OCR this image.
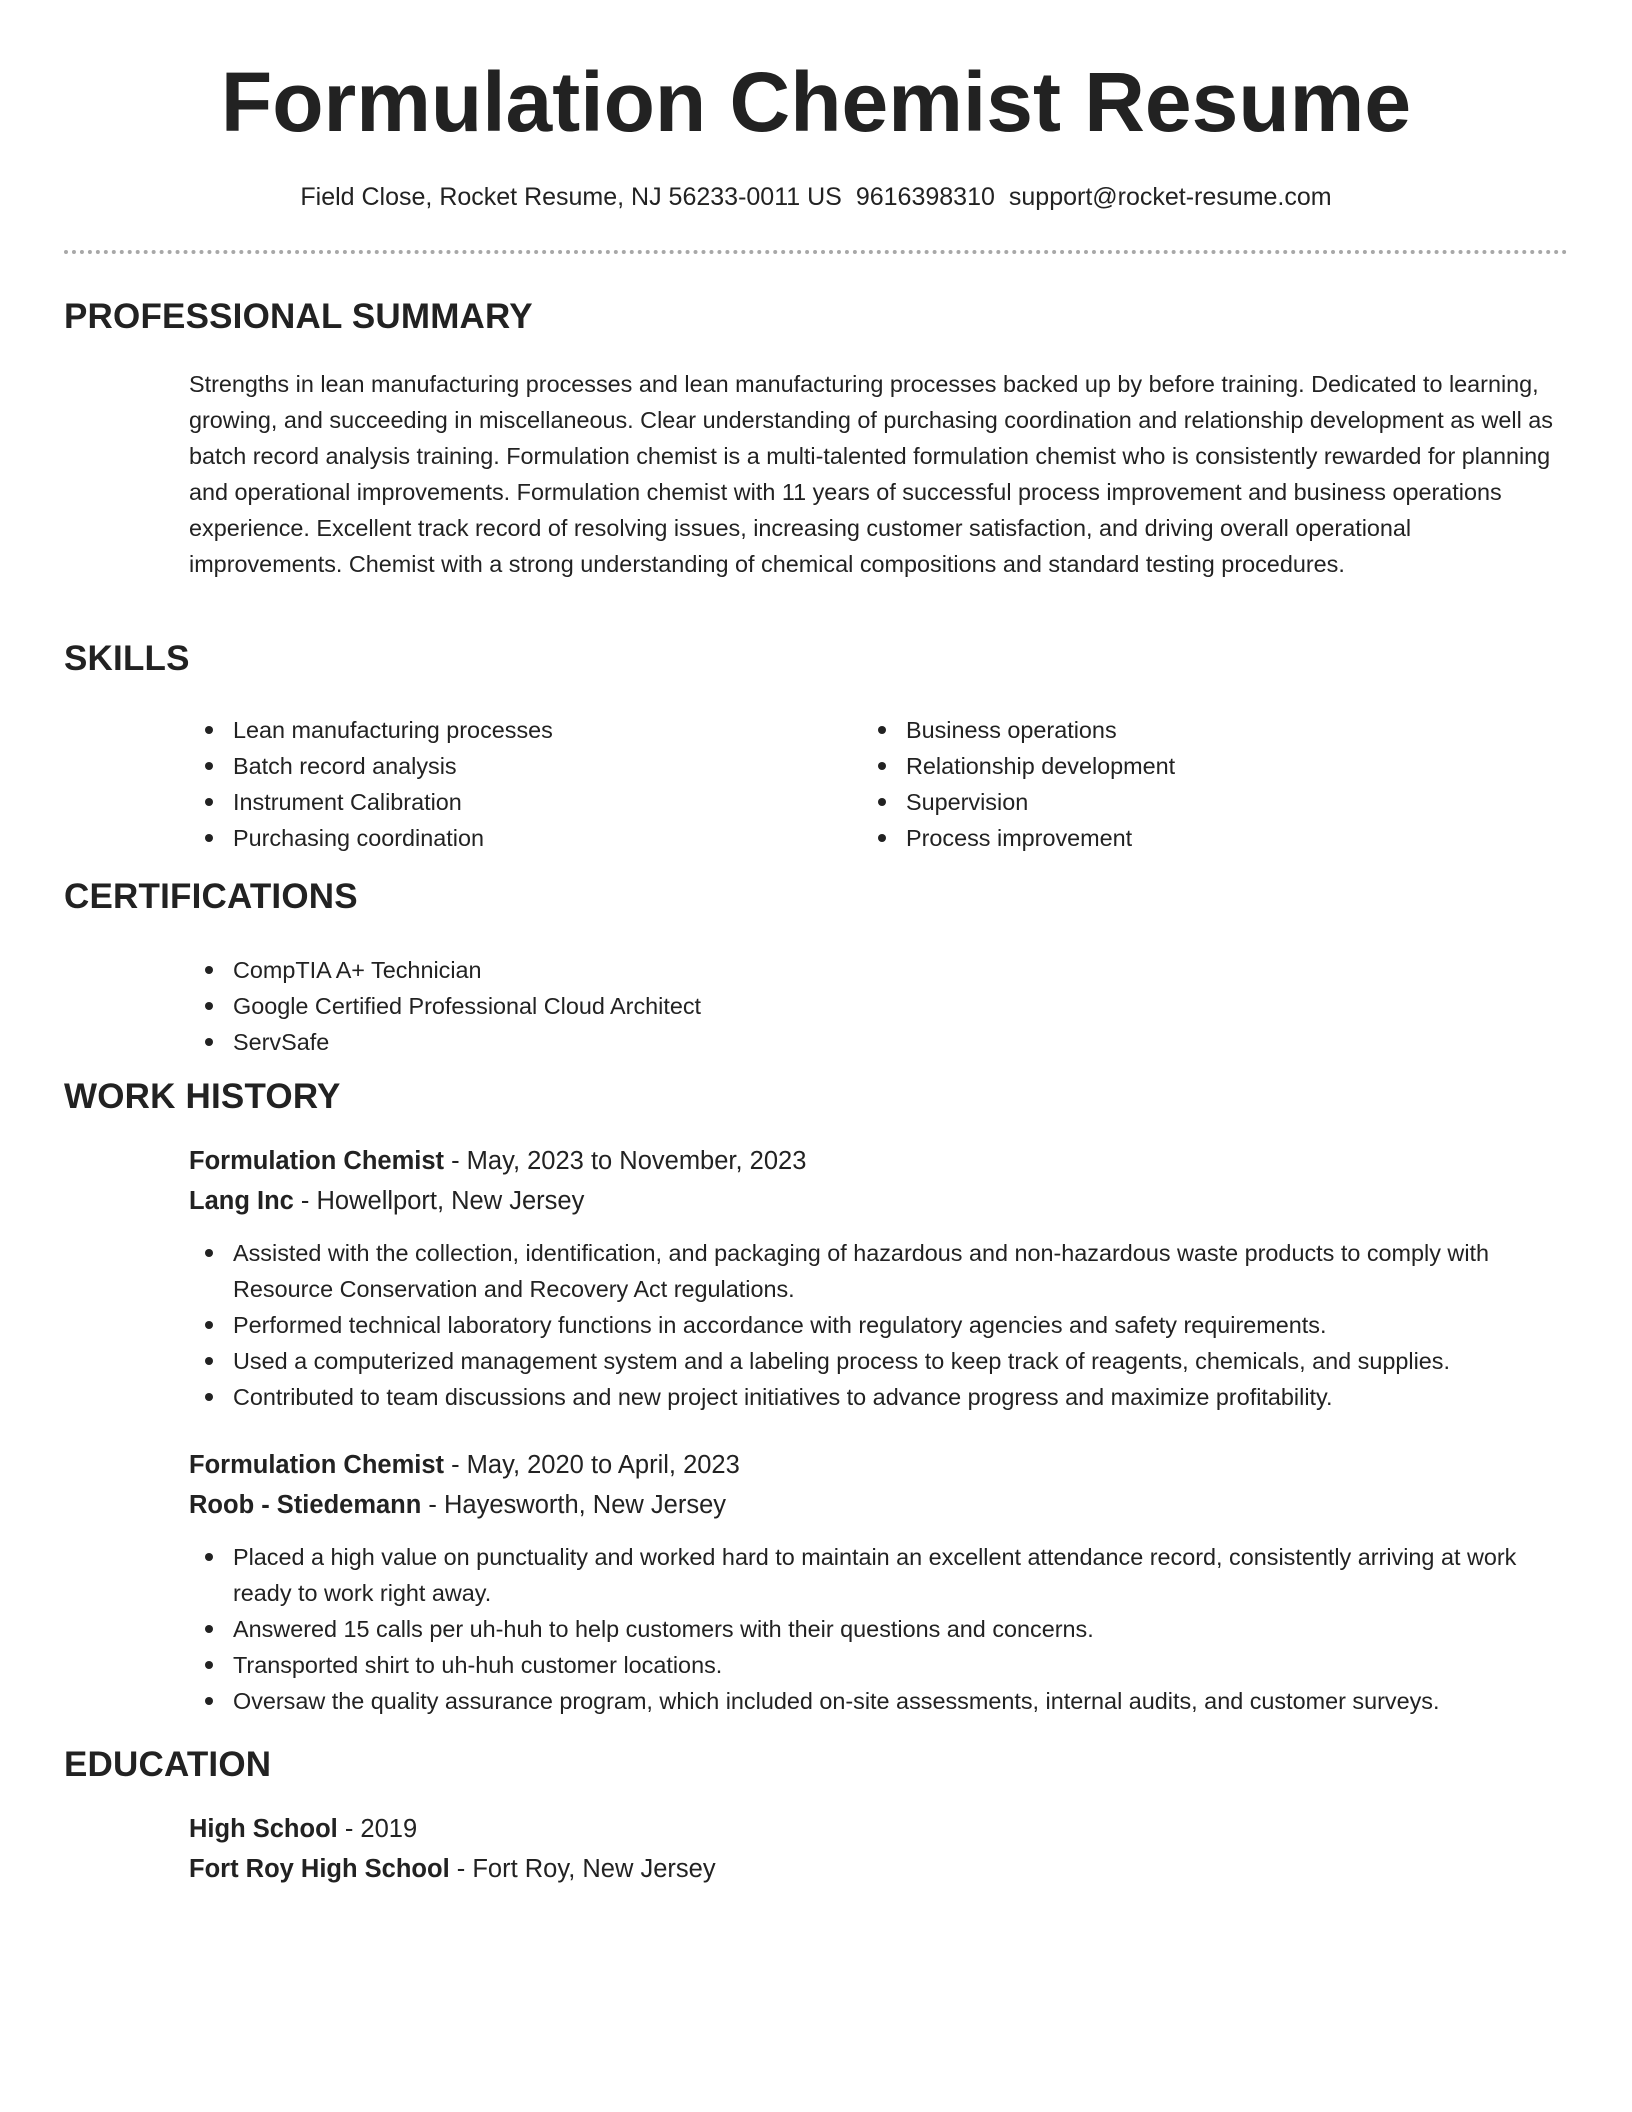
Formulation Chemist Resume
Field Close, Rocket Resume, NJ 56233-0011 US 9616398310 support@rocket-resume.com
PROFESSIONAL SUMMARY

Strengths in lean manufacturing processes and lean manufacturing processes backed up by before training. Dedicated to learning, growing, and succeeding in miscellaneous. Clear understanding of purchasing coordination and relationship development as well as batch record analysis training. Formulation chemist is a multi-talented formulation chemist who is consistently rewarded for planning and operational improvements. Formulation chemist with 11 years of successful process improvement and business operations experience. Excellent track record of resolving issues, increasing customer satisfaction, and driving overall operational improvements. Chemist with a strong understanding of chemical compositions and standard testing procedures.

SKILLS
Lean manufacturing processes
Batch record analysis
Instrument Calibration
Purchasing coordination
Business operations
Relationship development
Supervision
Process improvement
CERTIFICATIONS
CompTIA A+ Technician
Google Certified Professional Cloud Architect
ServSafe
WORK HISTORY
Formulation Chemist - May, 2023 to November, 2023
Lang Inc - Howellport, New Jersey
Assisted with the collection, identification, and packaging of hazardous and non-hazardous waste products to comply with Resource Conservation and Recovery Act regulations.
Performed technical laboratory functions in accordance with regulatory agencies and safety requirements.
Used a computerized management system and a labeling process to keep track of reagents, chemicals, and supplies.
Contributed to team discussions and new project initiatives to advance progress and maximize profitability.
Formulation Chemist - May, 2020 to April, 2023
Roob - Stiedemann - Hayesworth, New Jersey
Placed a high value on punctuality and worked hard to maintain an excellent attendance record, consistently arriving at work ready to work right away.
Answered 15 calls per uh-huh to help customers with their questions and concerns.
Transported shirt to uh-huh customer locations.
Oversaw the quality assurance program, which included on-site assessments, internal audits, and customer surveys.
EDUCATION
High School - 2019
Fort Roy High School - Fort Roy, New Jersey
